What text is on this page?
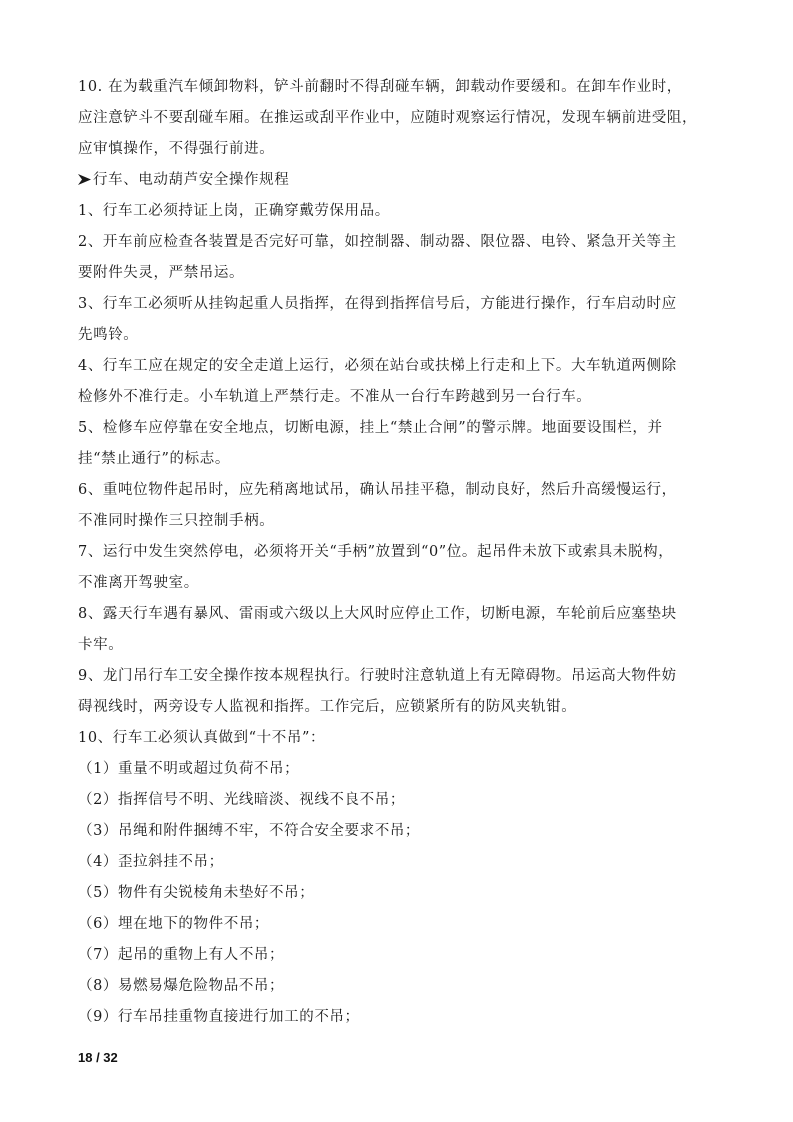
10. 在为载重汽车倾卸物料，铲斗前翻时不得刮碰车辆，卸载动作要缓和。在卸车作业时，
应注意铲斗不要刮碰车厢。在推运或刮平作业中，应随时观察运行情况，发现车辆前进受阻，
应审慎操作，不得强行前进。
行车、电动葫芦安全操作规程
1、行车工必须持证上岗，正确穿戴劳保用品。
2、开车前应检查各装置是否完好可靠，如控制器、制动器、限位器、电铃、紧急开关等主
要附件失灵，严禁吊运。
3、行车工必须听从挂钩起重人员指挥，在得到指挥信号后，方能进行操作，行车启动时应
先鸣铃。
4、行车工应在规定的安全走道上运行，必须在站台或扶梯上行走和上下。大车轨道两侧除
检修外不准行走。小车轨道上严禁行走。不准从一台行车跨越到另一台行车。
5、检修车应停靠在安全地点，切断电源，挂上“禁止合闸”的警示牌。地面要设围栏，并
挂“禁止通行”的标志。
6、重吨位物件起吊时，应先稍离地试吊，确认吊挂平稳，制动良好，然后升高缓慢运行，
不准同时操作三只控制手柄。
7、运行中发生突然停电，必须将开关“手柄”放置到“0”位。起吊件未放下或索具未脱构，
不准离开驾驶室。
8、露天行车遇有暴风、雷雨或六级以上大风时应停止工作，切断电源，车轮前后应塞垫块
卡牢。
9、龙门吊行车工安全操作按本规程执行。行驶时注意轨道上有无障碍物。吊运高大物件妨
碍视线时，两旁设专人监视和指挥。工作完后，应锁紧所有的防风夹轨钳。
10、行车工必须认真做到“十不吊”：
（1）重量不明或超过负荷不吊；
（2）指挥信号不明、光线暗淡、视线不良不吊；
（3）吊绳和附件捆缚不牢，不符合安全要求不吊；
（4）歪拉斜挂不吊；
（5）物件有尖锐棱角未垫好不吊；
（6）埋在地下的物件不吊；
（7）起吊的重物上有人不吊；
（8）易燃易爆危险物品不吊；
（9）行车吊挂重物直接进行加工的不吊；
18 / 32
